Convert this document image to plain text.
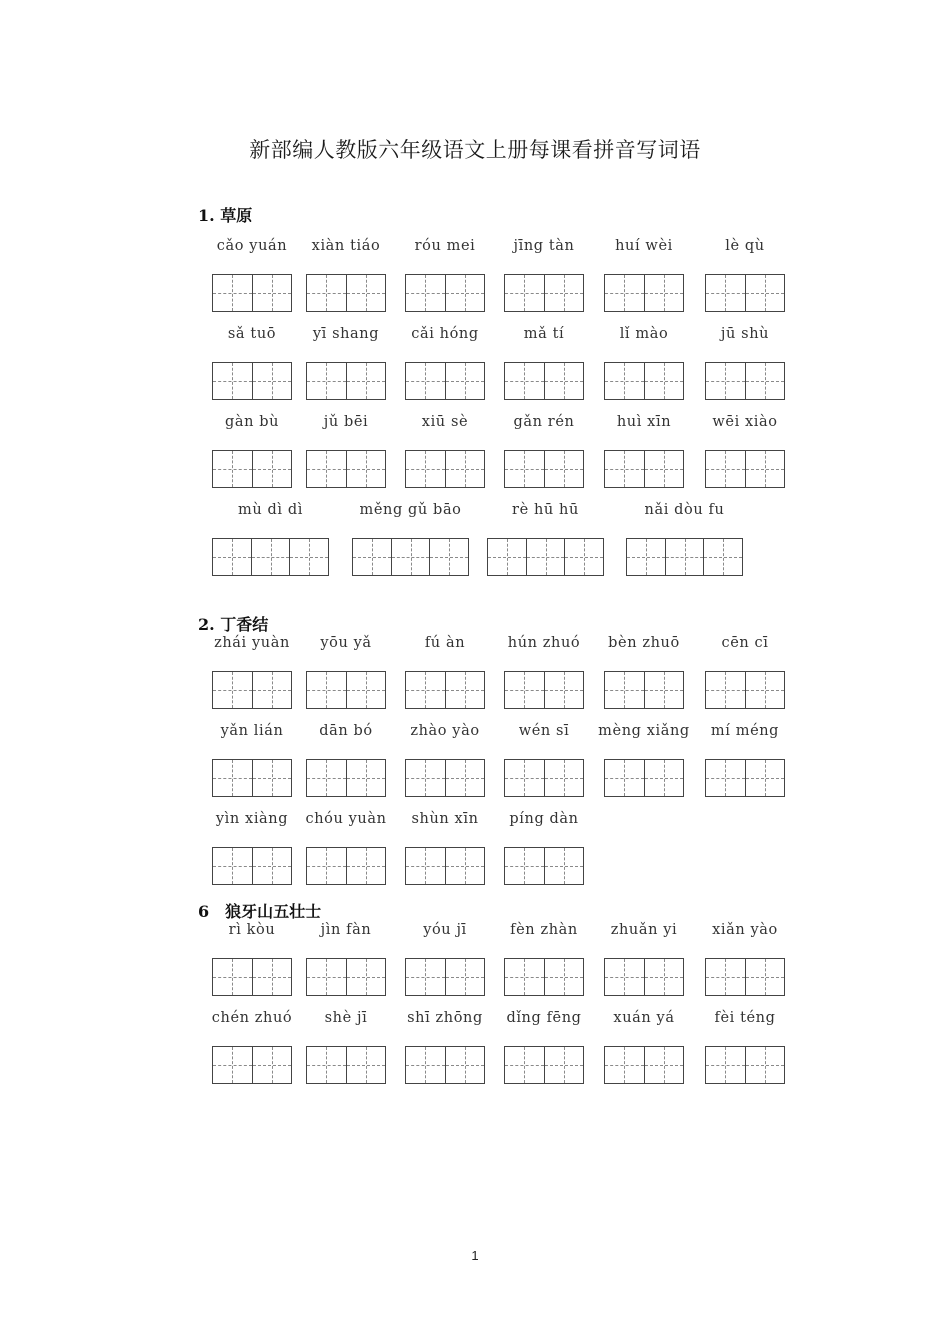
新部编人教版六年级语文上册每课看拼音写词语
1. 草原
cǎo yuán	xiàn tiáo	róu mei	jīng tàn	huí wèi	lè qù
sǎ tuō	yī shang	cǎi hóng	mǎ tí	lǐ mào	jū shù
gàn bù	jǔ bēi	xiū sè	gǎn rén	huì xīn	wēi xiào
mù dì dì	měng gǔ bāo	rè hū hū	nǎi dòu fu
2. 丁香结
zhái yuàn	yōu yǎ	fú àn	hún zhuó	bèn zhuō	cēn cī
yǎn lián	dān bó	zhào yào	wén sī	mèng xiǎng	mí méng
yìn xiàng	chóu yuàn	shùn xīn	píng dàn
6　狼牙山五壮士
rì kòu	jìn fàn	yóu jī	fèn zhàn	zhuǎn yi	xiǎn yào
chén zhuó	shè jī	shī zhōng	dǐng fēng	xuán yá	fèi téng
1
